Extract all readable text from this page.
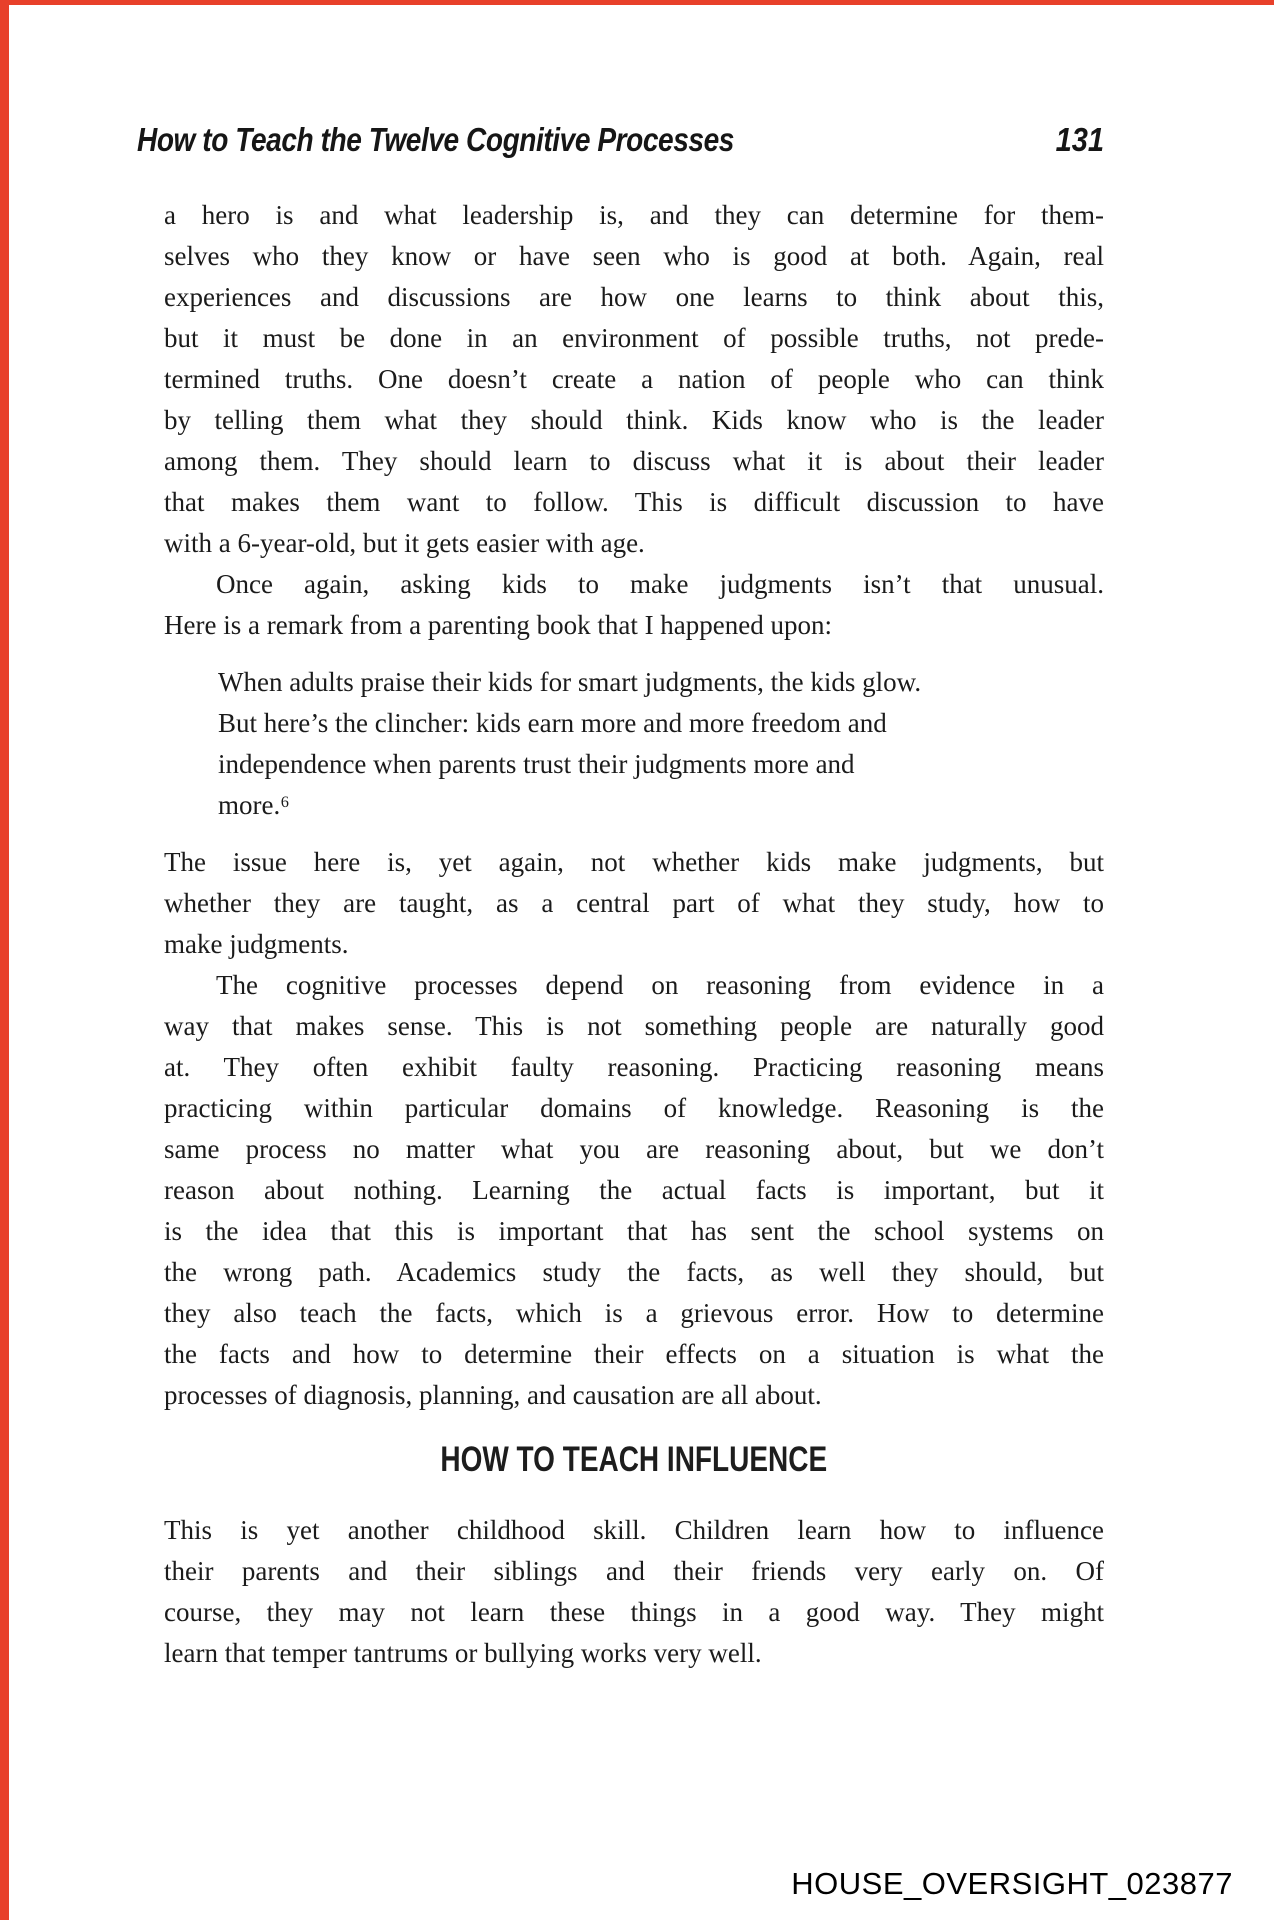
How to Teach the Twelve Cognitive Processes	131
a hero is and what leadership is, and they can determine for them-
selves who they know or have seen who is good at both. Again, real
experiences and discussions are how one learns to think about this,
but it must be done in an environment of possible truths, not prede-
termined truths. One doesn’t create a nation of people who can think
by telling them what they should think. Kids know who is the leader
among them. They should learn to discuss what it is about their leader
that makes them want to follow. This is difficult discussion to have
with a 6-year-old, but it gets easier with age.
Once again, asking kids to make judgments isn’t that unusual.
Here is a remark from a parenting book that I happened upon:
When adults praise their kids for smart judgments, the kids glow.
But here’s the clincher: kids earn more and more freedom and
independence when parents trust their judgments more and
more.⁶
The issue here is, yet again, not whether kids make judgments, but
whether they are taught, as a central part of what they study, how to
make judgments.
The cognitive processes depend on reasoning from evidence in a
way that makes sense. This is not something people are naturally good
at. They often exhibit faulty reasoning. Practicing reasoning means
practicing within particular domains of knowledge. Reasoning is the
same process no matter what you are reasoning about, but we don’t
reason about nothing. Learning the actual facts is important, but it
is the idea that this is important that has sent the school systems on
the wrong path. Academics study the facts, as well they should, but
they also teach the facts, which is a grievous error. How to determine
the facts and how to determine their effects on a situation is what the
processes of diagnosis, planning, and causation are all about.
HOW TO TEACH INFLUENCE
This is yet another childhood skill. Children learn how to influence
their parents and their siblings and their friends very early on. Of
course, they may not learn these things in a good way. They might
learn that temper tantrums or bullying works very well.
HOUSE_OVERSIGHT_023877
